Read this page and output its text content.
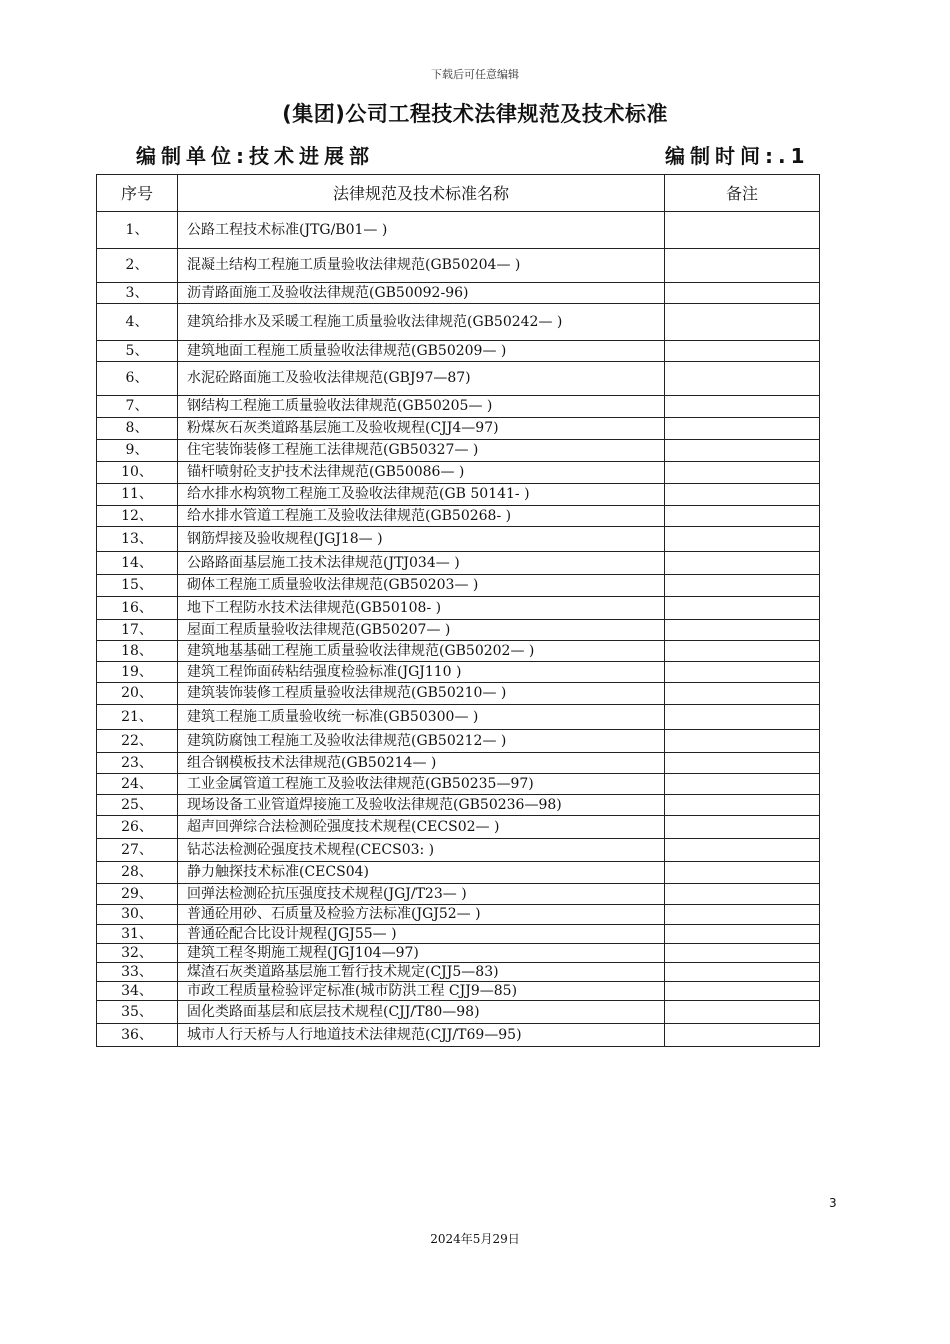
下载后可任意编辑
(集团)公司工程技术法律规范及技术标准
编制单位:技术进展部	编制时间:.1
序号	法律规范及技术标准名称	备注
1、	公路工程技术标准(JTG/B01— )	
2、	混凝土结构工程施工质量验收法律规范(GB50204— )	
3、	沥青路面施工及验收法律规范(GB50092-96)	
4、	建筑给排水及采暖工程施工质量验收法律规范(GB50242— )	
5、	建筑地面工程施工质量验收法律规范(GB50209— )	
6、	水泥砼路面施工及验收法律规范(GBJ97—87)	
7、	钢结构工程施工质量验收法律规范(GB50205— )	
8、	粉煤灰石灰类道路基层施工及验收规程(CJJ4—97)	
9、	住宅装饰装修工程施工法律规范(GB50327— )	
10、	锚杆喷射砼支护技术法律规范(GB50086— )	
11、	给水排水构筑物工程施工及验收法律规范(GB 50141- )	
12、	给水排水管道工程施工及验收法律规范(GB50268- )	
13、	钢筋焊接及验收规程(JGJ18— )	
14、	公路路面基层施工技术法律规范(JTJ034— )	
15、	砌体工程施工质量验收法律规范(GB50203— )	
16、	地下工程防水技术法律规范(GB50108- )	
17、	屋面工程质量验收法律规范(GB50207— )	
18、	建筑地基基础工程施工质量验收法律规范(GB50202— )	
19、	建筑工程饰面砖粘结强度检验标准(JGJ110 )	
20、	建筑装饰装修工程质量验收法律规范(GB50210— )	
21、	建筑工程施工质量验收统一标准(GB50300— )	
22、	建筑防腐蚀工程施工及验收法律规范(GB50212— )	
23、	组合钢模板技术法律规范(GB50214— )	
24、	工业金属管道工程施工及验收法律规范(GB50235—97)	
25、	现场设备工业管道焊接施工及验收法律规范(GB50236—98)	
26、	超声回弹综合法检测砼强度技术规程(CECS02— )	
27、	钻芯法检测砼强度技术规程(CECS03: )	
28、	静力触探技术标准(CECS04)	
29、	回弹法检测砼抗压强度技术规程(JGJ/T23— )	
30、	普通砼用砂、石质量及检验方法标准(JGJ52— )	
31、	普通砼配合比设计规程(JGJ55— )	
32、	建筑工程冬期施工规程(JGJ104—97)	
33、	煤渣石灰类道路基层施工暂行技术规定(CJJ5—83)	
34、	市政工程质量检验评定标准(城市防洪工程 CJJ9—85)	
35、	固化类路面基层和底层技术规程(CJJ/T80—98)	
36、	城市人行天桥与人行地道技术法律规范(CJJ/T69—95)	
3
2024年5月29日
